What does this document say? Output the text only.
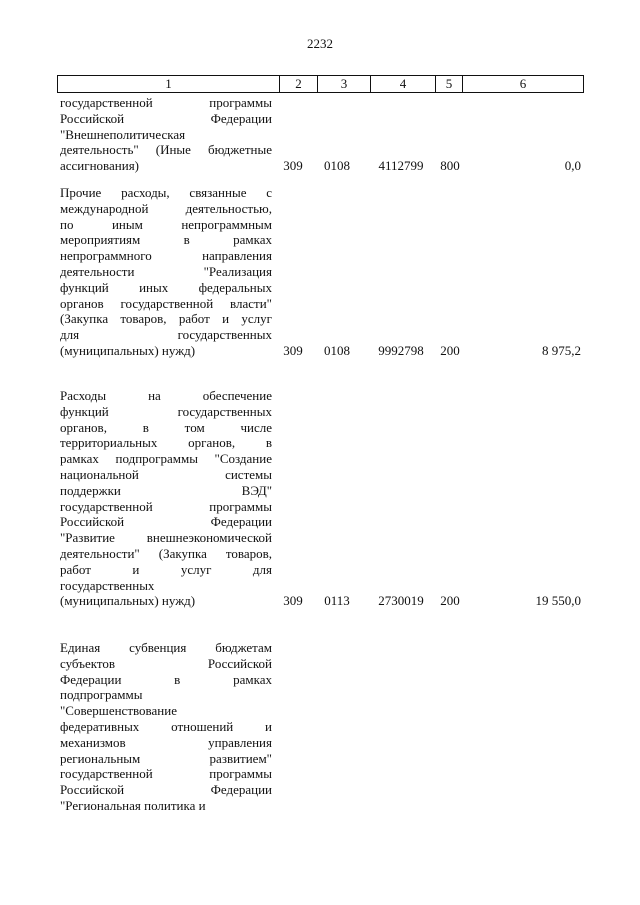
2232
1	2	3	4	5	6
государственной программы
Российской Федерации
"Внешнеполитическая
деятельность" (Иные бюджетные
ассигнования)	309	0108	4112799	800	0,0
Прочие расходы, связанные с
международной деятельностью,
по иным непрограммным
мероприятиям в рамках
непрограммного направления
деятельности "Реализация
функций иных федеральных
органов государственной власти"
(Закупка товаров, работ и услуг
для государственных
(муниципальных) нужд)	309	0108	9992798	200	8 975,2
Расходы на обеспечение
функций государственных
органов, в том числе
территориальных органов, в
рамках подпрограммы "Создание
национальной системы
поддержки ВЭД"
государственной программы
Российской Федерации
"Развитие внешнеэкономической
деятельности" (Закупка товаров,
работ и услуг для
государственных
(муниципальных) нужд)	309	0113	2730019	200	19 550,0
Единая субвенция бюджетам
субъектов Российской
Федерации в рамках
подпрограммы
"Совершенствование
федеративных отношений и
механизмов управления
региональным развитием"
государственной программы
Российской Федерации
"Региональная политика и
